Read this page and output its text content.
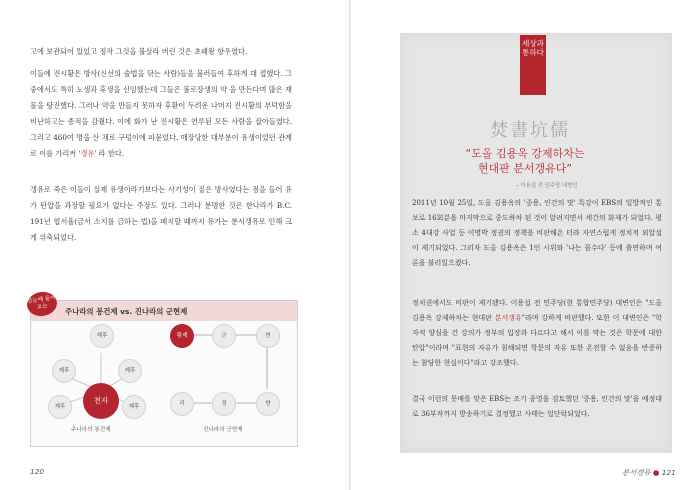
고에 보관되어 있었고 정작 그것을 불살라 버린 것은 초패왕 항우였다.

이들에 진시황은 방사(신선의 술법을 닦는 사람)들을 불러들여 후하게 대 접했다. 그 중에서도 특히 노생과 후생을 신임했는데 그들은 불로장생의 약 을 만든다며 많은 재물을 탕진했다. 그러나 약을 만들지 못하자 후환이 두려운 나머지 진시황의 부덕함을 비난하고는 종적을 감췄다. 이에 화가 난 진시황은 연루된 모든 사람을 잡아들였다. 그리고 460여 명을 산 채로 구덩이에 파묻었다. 매장당한 대부분이 유생이었던 관계로 이를 가리켜 '갱유' 라 한다.

갱유로 죽은 이들이 실제 유생이라기보다는 사기성이 짙은 방사였다는 점을 들어 유가 탄압을 과장할 필요가 없다는 주장도 있다. 그러나 분명한 것은 한나라가 B.C. 191년 협서율(금서 소지를 금하는 법)을 폐지할 때까지 유가는 분서갱유로 인해 크게 위축되었다.

주나라의 봉건제 vs. 진나라의 군현제
한눈에 들어오는
제후
제후	제후
제후	제후
천자
주나라의 봉건제
황제	군	현
리	정	향
진나라의 군현제
120
세상과 통하다
焚書坑儒
“도올 김용옥 강제하차는
현대판 분서갱유다”
– 이용섭 전 민주당 대변인

2011년 10월 25일, 도올 김용옥의 '중용, 인간의 맛' 특강이 EBS의 일방적인 통보로 16회분을 마지막으로 중도하차 된 것이 알려지면서 세간의 화제가 되었다. 평소 4대강 사업 등 이명박 정권의 정책을 비판해온 터라 자연스럽게 정치적 외압설이 제기되었다. 그러자 도올 김용옥은 1인 시위와 '나는 꼼수다' 등에 출연하며 여론을 불러일으켰다.

정치권에서도 비판이 제기됐다. 이용섭 전 민주당(현 통합민주당) 대변인은 "도올 김용옥 강제하차는 현대판 분서갱유"라며 강하게 비판했다. 또한 이 대변인은 "학자적 양심을 건 강의가 정부의 입장과 다르다고 해서 이를 막는 것은 학문에 대한 탄압"이라며 "표현의 자유가 침해되면 학문의 자유 또한 온전할 수 없음을 반증하는 참담한 현실이다"라고 강조했다.

결국 이런의 뭇매를 맞은 EBS는 조기 종영을 검토했던 '중용, 인간의 맛'을 예정대로 36부작까지 방송하기로 결정했고 사태는 일단락되었다.

분서갱유 ● 121
